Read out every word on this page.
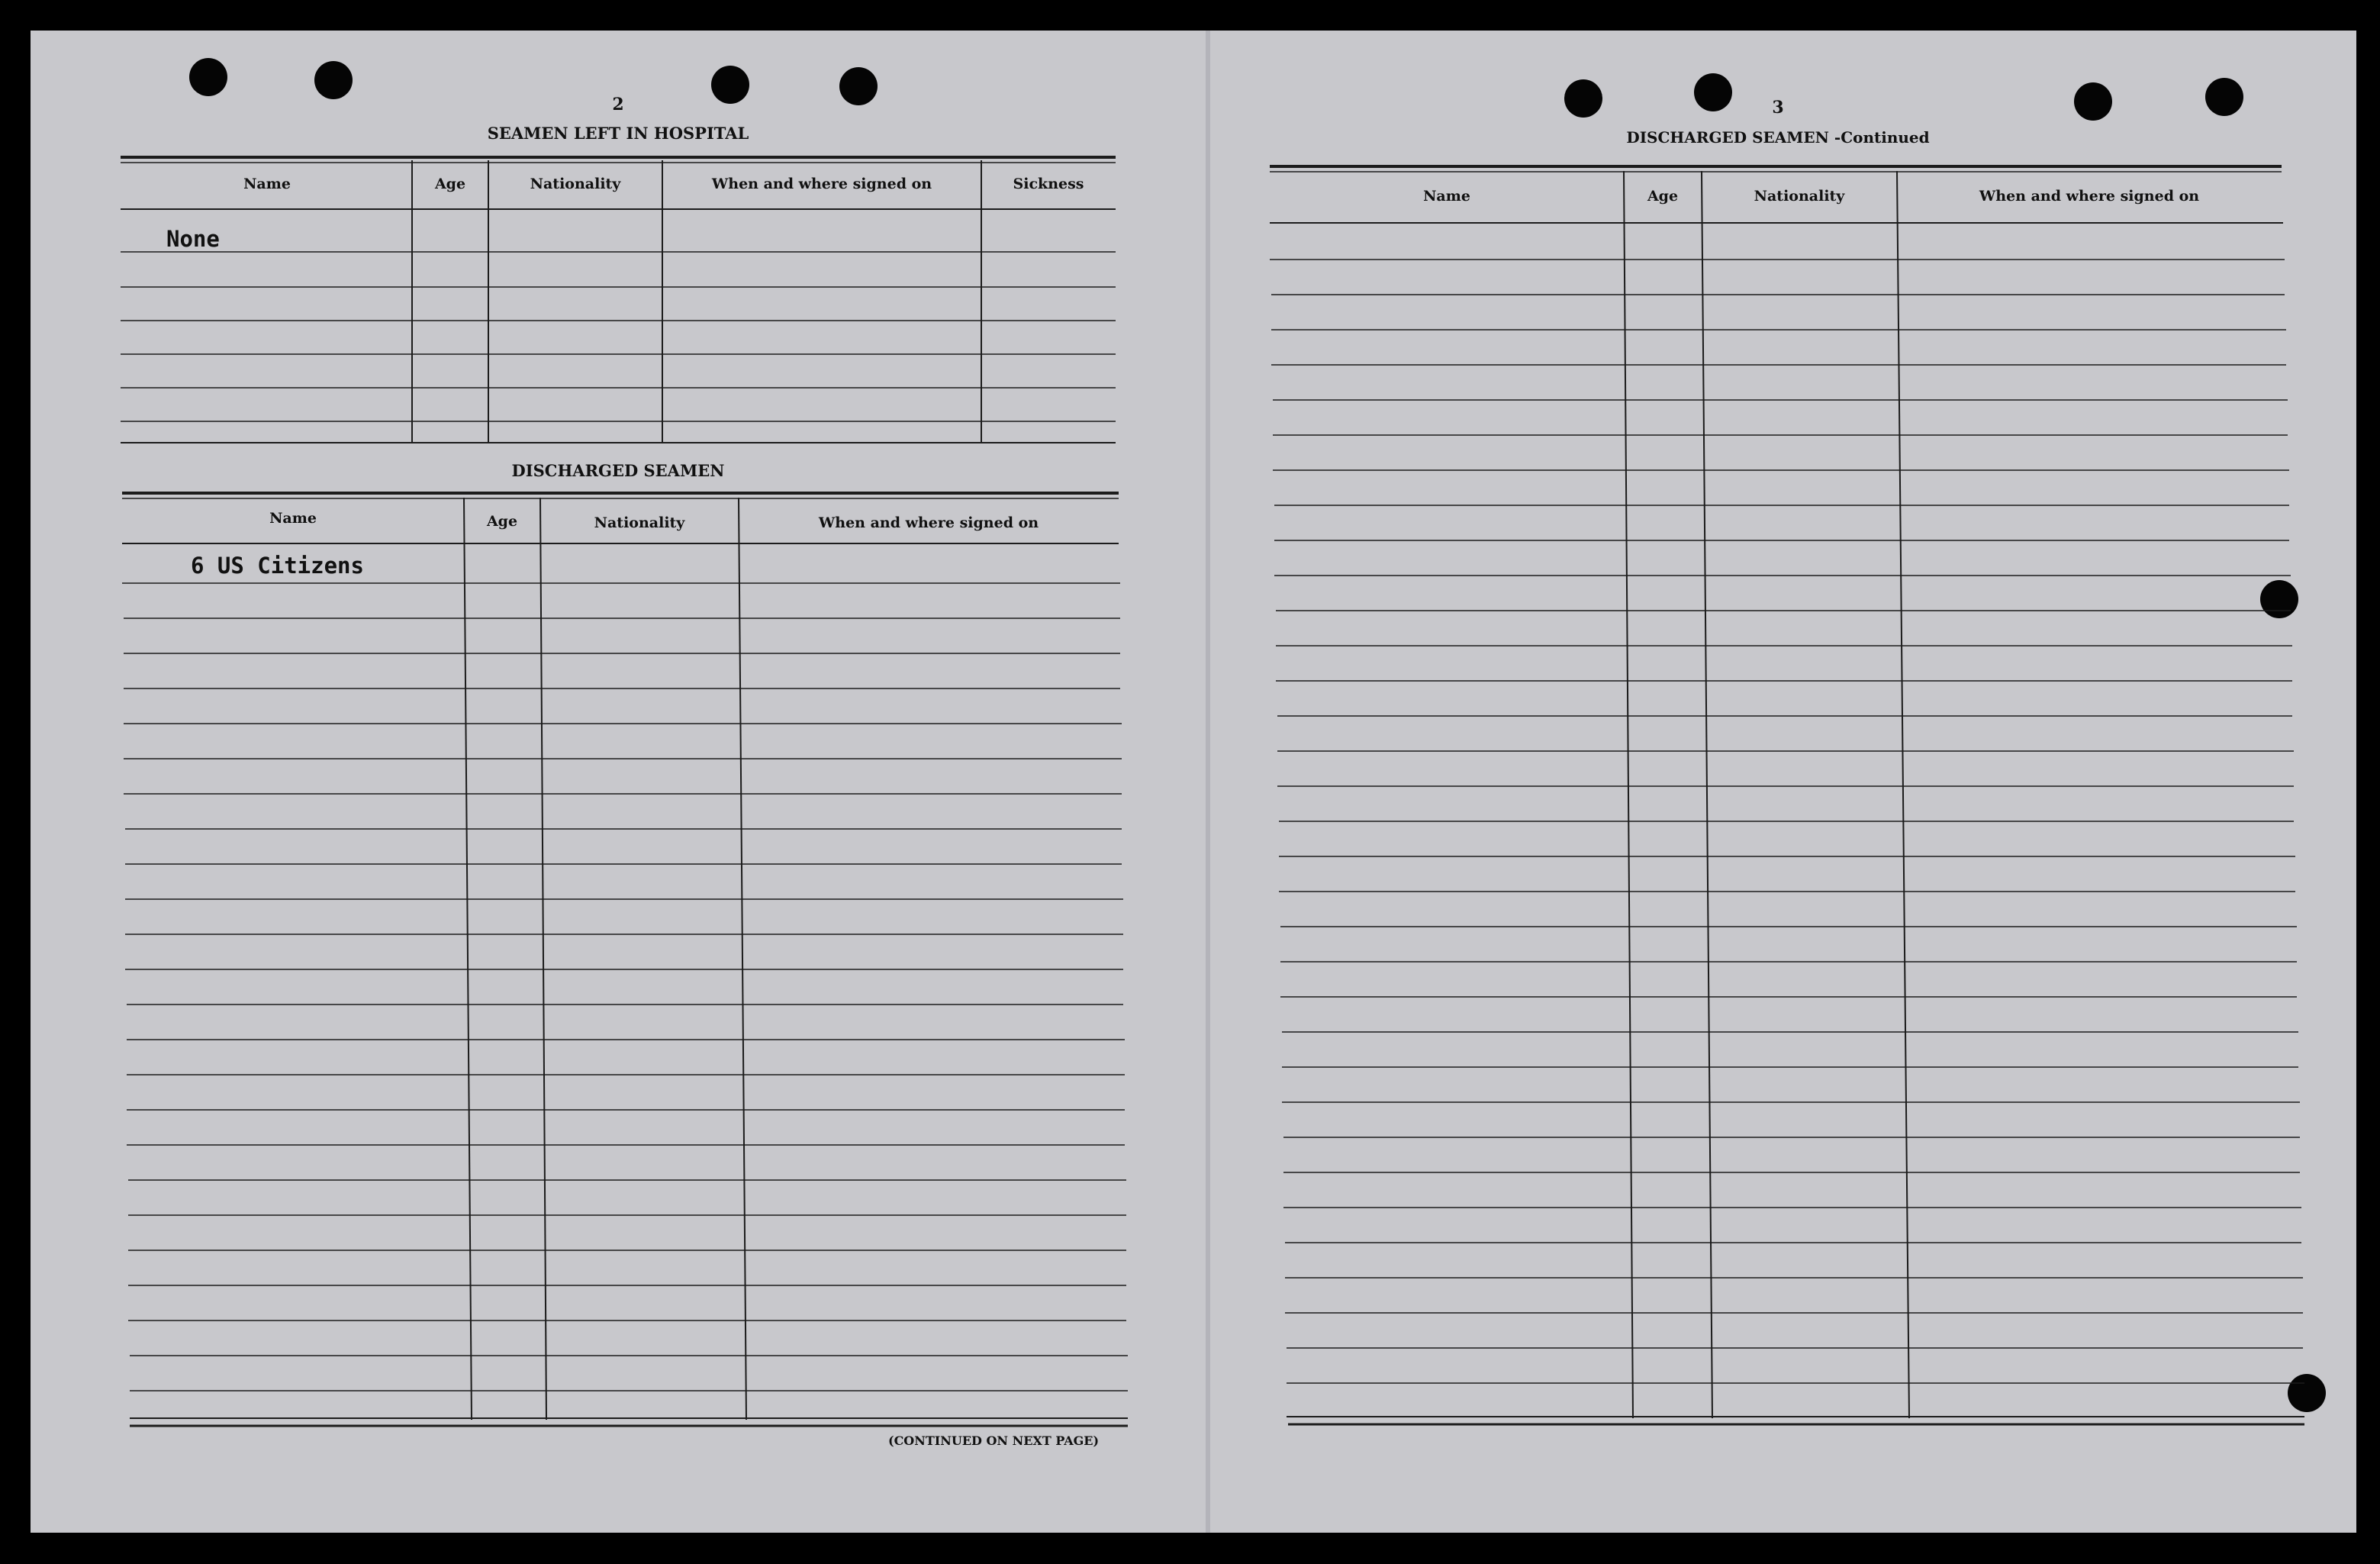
2
SEAMEN LEFT IN HOSPITAL
Name	Age	Nationality	When and where signed on	Sickness
None
DISCHARGED SEAMEN
Name	Age	Nationality	When and where signed on
6 US Citizens
(CONTINUED ON NEXT PAGE)
3
DISCHARGED SEAMEN -Continued
Name	Age	Nationality	When and where signed on
